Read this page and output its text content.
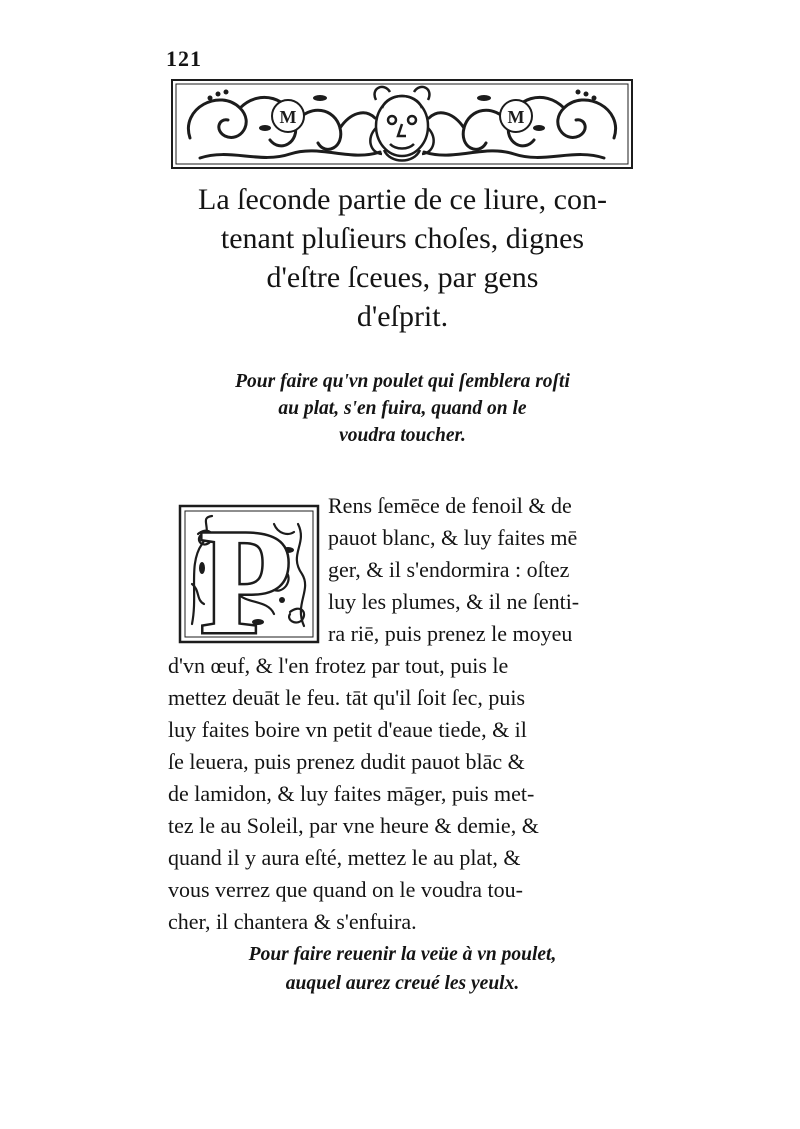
121
M	M
La ſeconde partie de ce liure, con-
tenant pluſieurs choſes, dignes
d'eſtre ſceues, par gens
d'eſprit.
Pour faire qu'vn poulet qui ſemblera roſti
au plat, s'en fuira, quand on le
voudra toucher.
P Rens ſemēce de fenoil & de
pauot blanc, & luy faites mē
ger, & il s'endormira : oſtez
luy les plumes, & il ne ſenti-
ra riē, puis prenez le moyeu
d'vn œuf, & l'en frotez par tout, puis le
mettez deuāt le feu. tāt qu'il ſoit ſec, puis
luy faites boire vn petit d'eaue tiede, & il
ſe leuera, puis prenez dudit pauot blāc &
de lamidon, & luy faites māger, puis met-
tez le au Soleil, par vne heure & demie, &
quand il y aura eſté, mettez le au plat, &
vous verrez que quand on le voudra tou-
cher, il chantera & s'enfuira.
Pour faire reuenir la veüe à vn poulet,
auquel aurez creué les yeulx.
